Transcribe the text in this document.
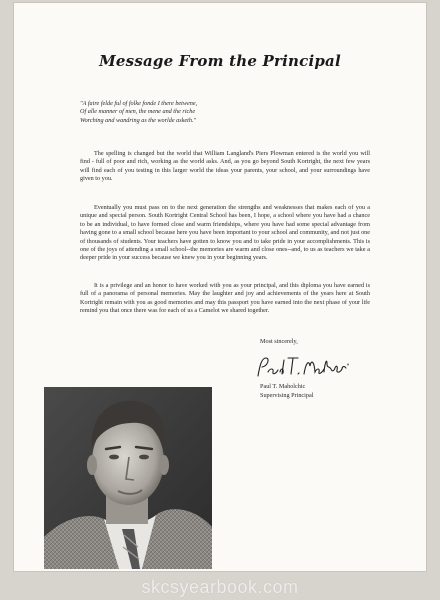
Message From the Principal
"A faire felde ful of folke fonde I there betwene,
Of alle manner of men, the mene and the riche
Worching and wandring as the worlde asketh."
The spelling is changed but the world that William Langland's Piers Plowman entered is the world you will find - full of poor and rich, working as the world asks. And, as you go beyond South Kortright, the next few years will find each of you testing in this larger world the ideas your parents, your school, and your surroundings have given to you.
Eventually you must pass on to the next generation the strengths and weaknesses that makes each of you a unique and special person. South Kortright Central School has been, I hope, a school where you have had a chance to be an individual, to have formed close and warm friendships, where you have had some special advantage from having gone to a small school because here you have been important to your school and community, and not just one of thousands of students. Your teachers have gotten to know you and to take pride in your accomplishments. This is one of the joys of attending a small school--the memories are warm and close ones--and, to us as teachers we take a deeper pride in your success because we knew you in your beginning years.
It is a privilege and an honor to have worked with you as your principal, and this diploma you have earned is full of a panorama of personal memories. May the laughter and joy and achievements of the years here at South Kortright remain with you as good memories and may this passport you have earned into the next phase of your life remind you that once there was for each of us a Camelot we shared together.
Most sincerely,
Paul T. Maholchic
Supervising Principal
skcsyearbook.com
